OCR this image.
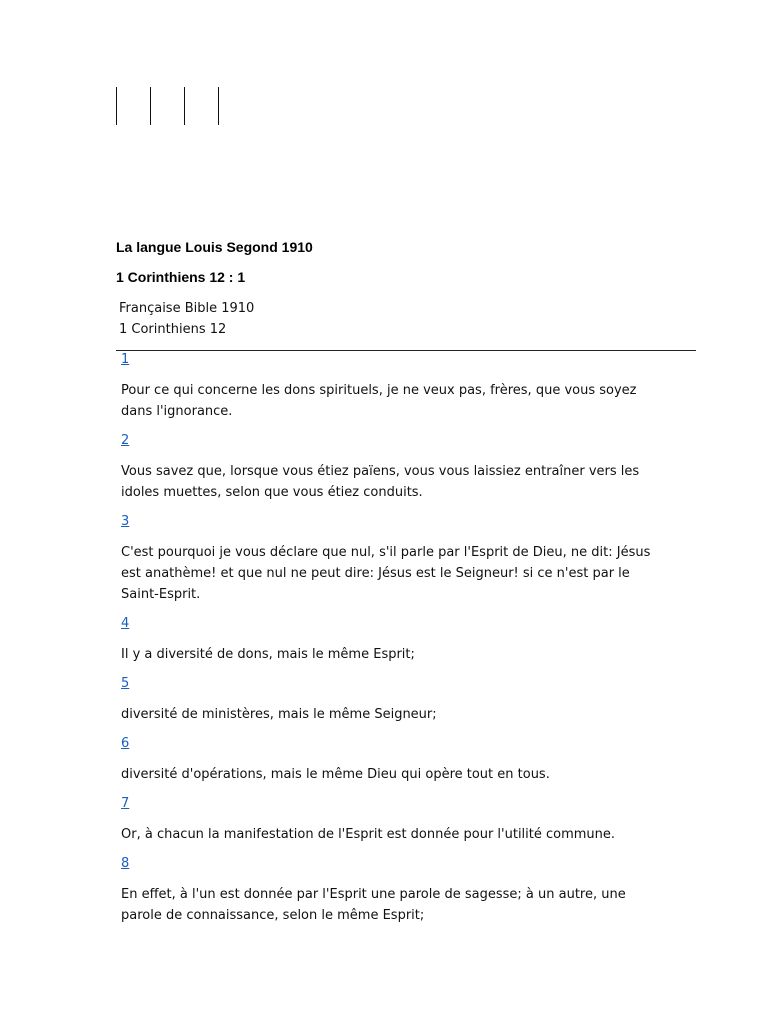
La langue Louis Segond 1910
1 Corinthiens 12 : 1
Française Bible 1910
1 Corinthiens 12
1

Pour ce qui concerne les dons spirituels, je ne veux pas, frères, que vous soyez dans l'ignorance.

2

Vous savez que, lorsque vous étiez païens, vous vous laissiez entraîner vers les idoles muettes, selon que vous étiez conduits.

3

C'est pourquoi je vous déclare que nul, s'il parle par l'Esprit de Dieu, ne dit: Jésus est anathème! et que nul ne peut dire: Jésus est le Seigneur! si ce n'est par le Saint-Esprit.

4

Il y a diversité de dons, mais le même Esprit;

5

diversité de ministères, mais le même Seigneur;

6

diversité d'opérations, mais le même Dieu qui opère tout en tous.

7

Or, à chacun la manifestation de l'Esprit est donnée pour l'utilité commune.

8

En effet, à l'un est donnée par l'Esprit une parole de sagesse; à un autre, une parole de connaissance, selon le même Esprit;
